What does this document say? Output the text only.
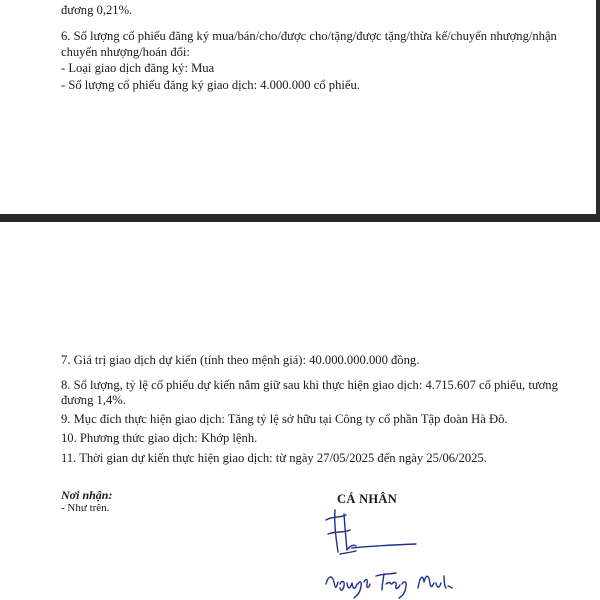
đương 0,21%.
6. Số lượng cổ phiếu đăng ký mua/bán/cho/được cho/tặng/được tặng/thừa kế/chuyển nhượng/nhận
chuyển nhượng/hoán đổi:
- Loại giao dịch đăng ký: Mua
- Số lượng cổ phiếu đăng ký giao dịch: 4.000.000 cổ phiếu.
7. Giá trị giao dịch dự kiến (tính theo mệnh giá): 40.000.000.000 đồng.
8. Số lượng, tỷ lệ cổ phiếu dự kiến nắm giữ sau khi thực hiện giao dịch: 4.715.607 cổ phiếu, tương
đương 1,4%.
9. Mục đích thực hiện giao dịch: Tăng tỷ lệ sở hữu tại Công ty cổ phần Tập đoàn Hà Đô.
10. Phương thức giao dịch: Khớp lệnh.
11. Thời gian dự kiến thực hiện giao dịch: từ ngày 27/05/2025 đến ngày 25/06/2025.
Nơi nhận:
- Như trên.
CÁ NHÂN
